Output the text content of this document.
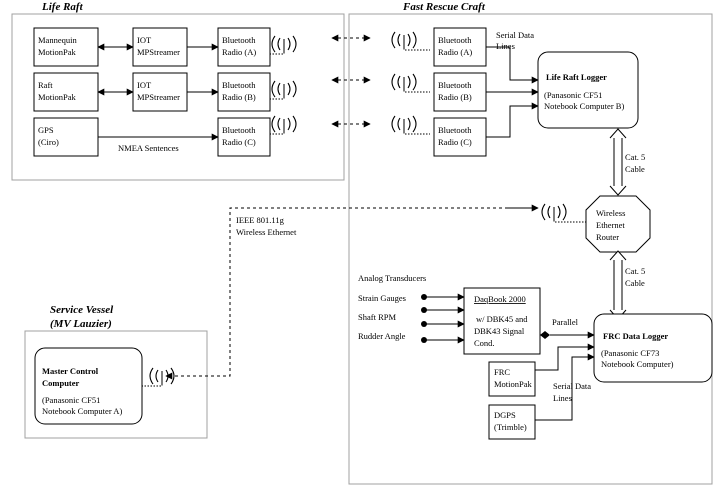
Life Raft	Fast Rescue Craft
Service Vessel
(MV Lauzier)
Mannequin
MotionPak
Raft
MotionPak
GPS
(Ciro)
IOT
MPStreamer
IOT
MPStreamer
Bluetooth
Radio (A)
Bluetooth
Radio (B)
Bluetooth
Radio (C)
NMEA Sentences
Bluetooth
Radio (A)
Bluetooth
Radio (B)
Bluetooth
Radio (C)
Serial Data
Lines
Life Raft Logger
(Panasonic CF51
Notebook Computer B)
Cat. 5
Cable
Wireless
Ethernet
Router
IEEE 801.11g
Wireless Ethernet
Cat. 5
Cable
Analog Transducers
Strain Gauges
Shaft RPM
Rudder Angle
DaqBook 2000
w/ DBK45 and
DBK43 Signal
Cond.
Parallel
FRC Data Logger
(Panasonic CF73
Notebook Computer)
FRC
MotionPak
DGPS
(Trimble)
Serial Data
Lines
Master Control
Computer
(Panasonic CF51
Notebook Computer A)
